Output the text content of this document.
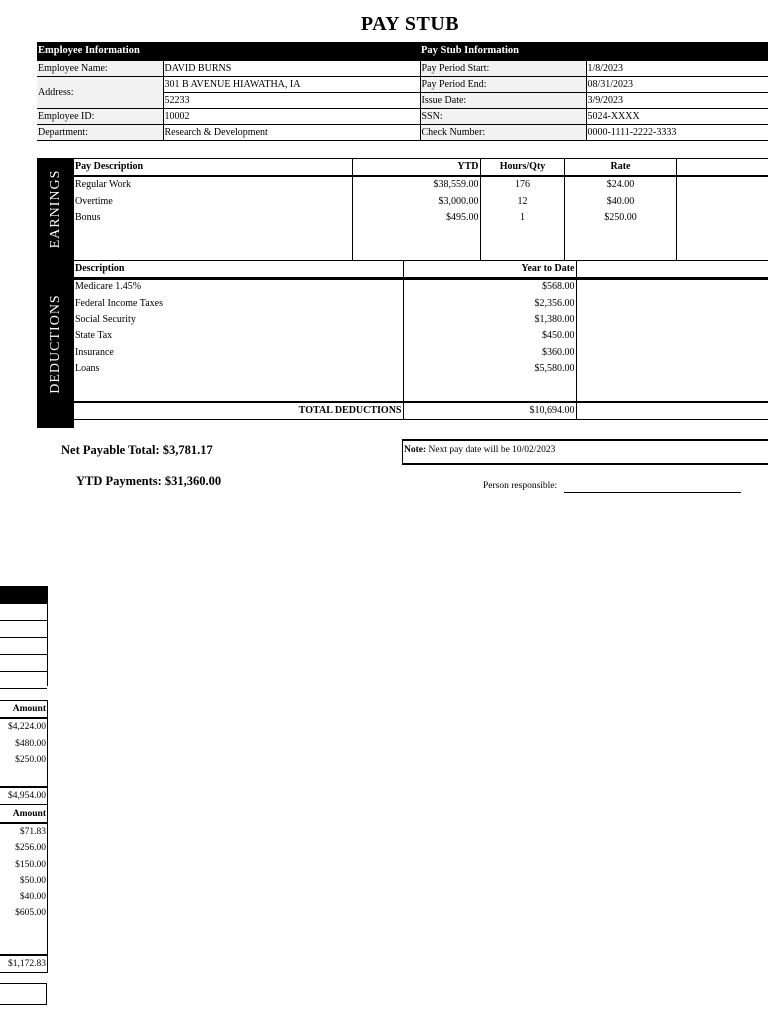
PAY STUB
Employee Information		Pay Stub Information		
Employee Name:	DAVID BURNS	Pay Period Start:	1/8/2023	
Address:	301 B AVENUE HIAWATHA, IA	Pay Period End:	08/31/2023	
	52233	Issue Date:	3/9/2023	
Employee ID:	10002	SSN:	5024-XXXX	
Department:	Research & Development	Check Number:	0000-1111-2222-3333	
EARNINGS
Pay Description	YTD	Hours/Qty	Rate	
Regular Work	$38,559.00	176	$24.00	
Overtime	$3,000.00	12	$40.00	
Bonus	$495.00	1	$250.00	

DEDUCTIONS
Description	Year to Date	
Medicare 1.45%	$568.00	
Federal Income Taxes	$2,356.00	
Social Security	$1,380.00	
State Tax	$450.00	
Insurance	$360.00	
Loans	$5,580.00	

TOTAL DEDUCTIONS	$10,694.00	
Net Payable Total: $3,781.17
YTD Payments: $31,360.00
Note: Next pay date will be 10/02/2023
Person responsible:
Amount
$4,224.00
$480.00
$250.00

$4,954.00
Amount
$71.83
$256.00
$150.00
$50.00
$40.00
$605.00

$1,172.83
